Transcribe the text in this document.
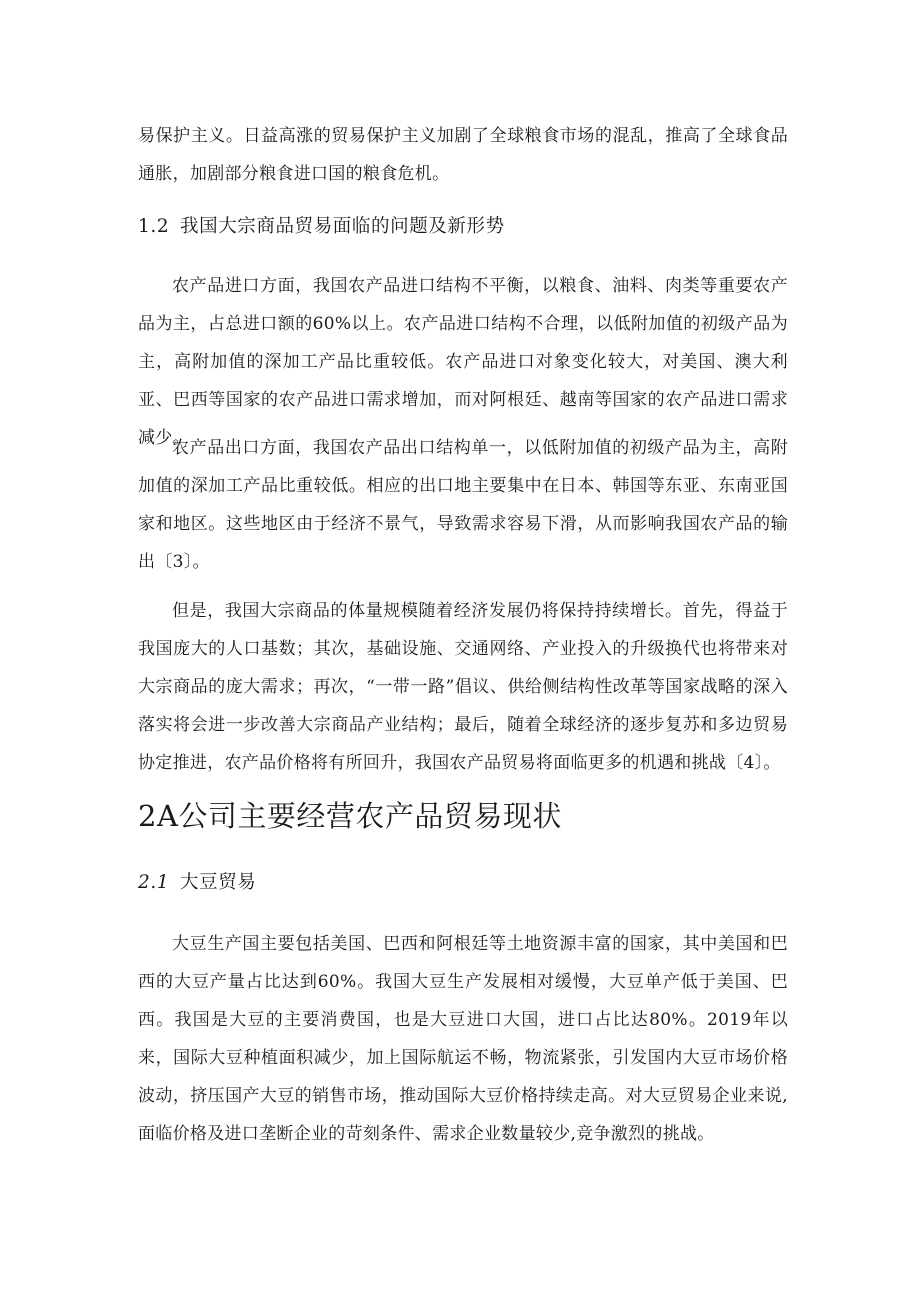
易保护主义。日益高涨的贸易保护主义加剧了全球粮食市场的混乱，推高了全球食品通胀，加剧部分粮食进口国的粮食危机。

1.2 我国大宗商品贸易面临的问题及新形势

农产品进口方面，我国农产品进口结构不平衡，以粮食、油料、肉类等重要农产品为主，占总进口额的60%以上。农产品进口结构不合理，以低附加值的初级产品为主，高附加值的深加工产品比重较低。农产品进口对象变化较大，对美国、澳大利亚、巴西等国家的农产品进口需求增加，而对阿根廷、越南等国家的农产品进口需求减少。

农产品出口方面，我国农产品出口结构单一，以低附加值的初级产品为主，高附加值的深加工产品比重较低。相应的出口地主要集中在日本、韩国等东亚、东南亚国家和地区。这些地区由于经济不景气，导致需求容易下滑，从而影响我国农产品的输出〔3〕。

但是，我国大宗商品的体量规模随着经济发展仍将保持持续增长。首先，得益于我国庞大的人口基数；其次，基础设施、交通网络、产业投入的升级换代也将带来对大宗商品的庞大需求；再次，“一带一路”倡议、供给侧结构性改革等国家战略的深入落实将会进一步改善大宗商品产业结构；最后，随着全球经济的逐步复苏和多边贸易协定推进，农产品价格将有所回升，我国农产品贸易将面临更多的机遇和挑战〔4〕。

2A公司主要经营农产品贸易现状
2.1 大豆贸易

大豆生产国主要包括美国、巴西和阿根廷等土地资源丰富的国家，其中美国和巴西的大豆产量占比达到60%。我国大豆生产发展相对缓慢，大豆单产低于美国、巴西。我国是大豆的主要消费国，也是大豆进口大国，进口占比达80%。2019年以来，国际大豆种植面积减少，加上国际航运不畅，物流紧张，引发国内大豆市场价格波动，挤压国产大豆的销售市场，推动国际大豆价格持续走高。对大豆贸易企业来说,面临价格及进口垄断企业的苛刻条件、需求企业数量较少,竞争激烈的挑战。
